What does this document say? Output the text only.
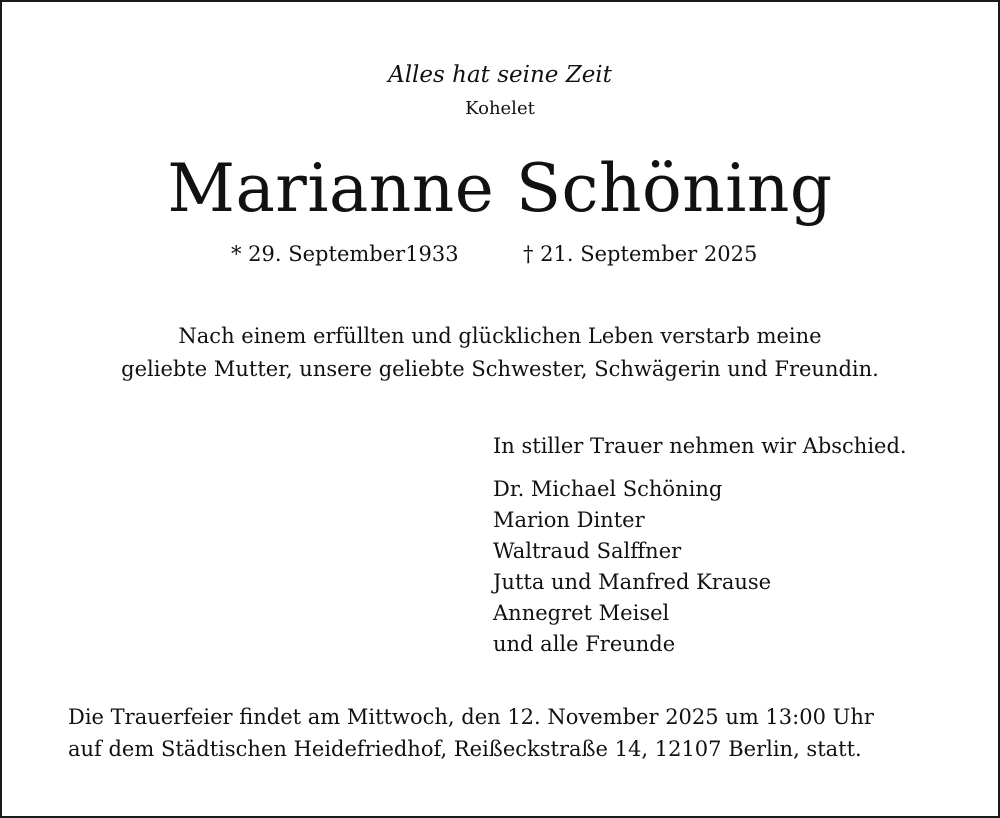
Alles hat seine Zeit
Kohelet
Marianne Schöning
* 29. September1933	† 21. September 2025
Nach einem erfüllten und glücklichen Leben verstarb meine
geliebte Mutter, unsere geliebte Schwester, Schwägerin und Freundin.
In stiller Trauer nehmen wir Abschied.
Dr. Michael Schöning
Marion Dinter
Waltraud Salffner
Jutta und Manfred Krause
Annegret Meisel
und alle Freunde
Die Trauerfeier findet am Mittwoch, den 12. November 2025 um 13:00 Uhr
auf dem Städtischen Heidefriedhof, Reißeckstraße 14, 12107 Berlin, statt.
